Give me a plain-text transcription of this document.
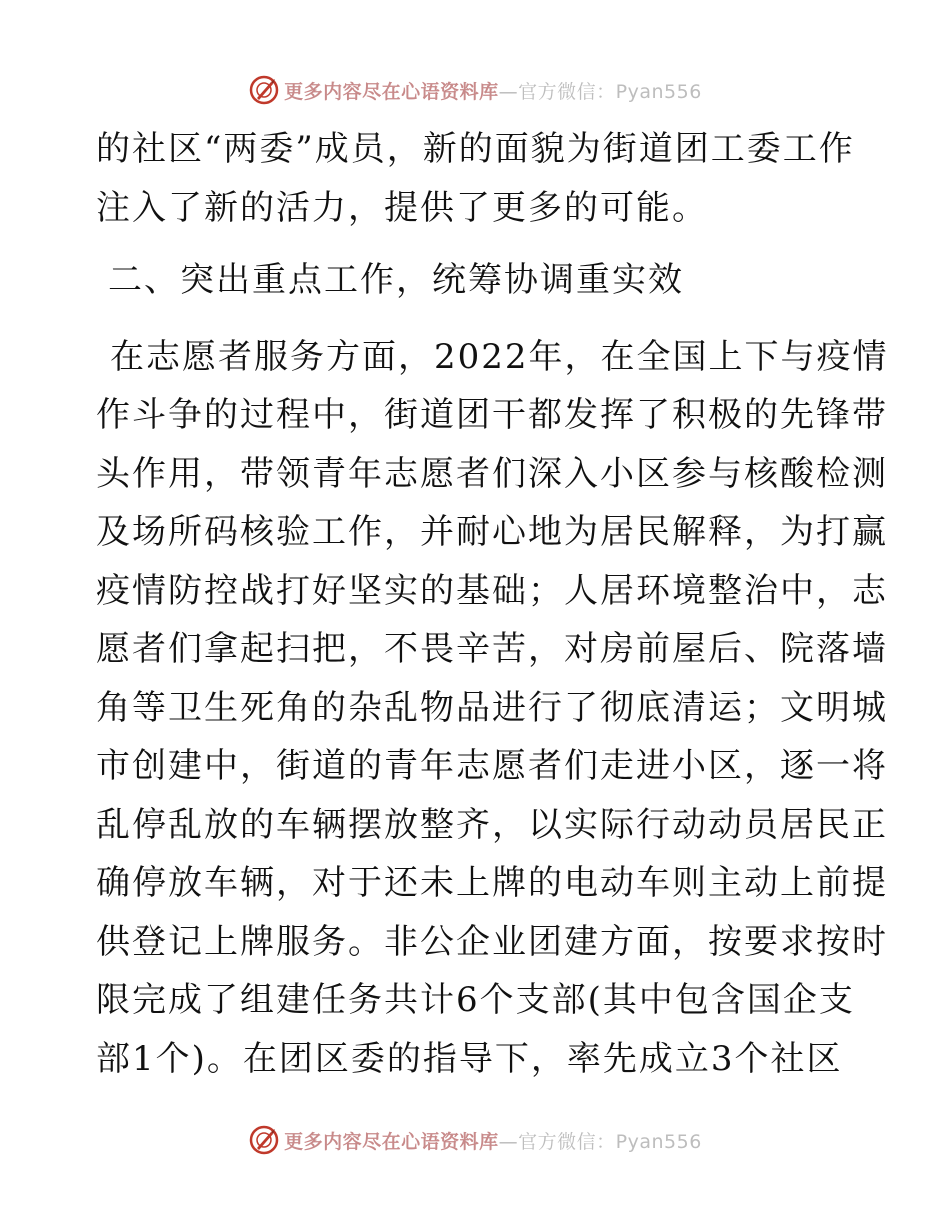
更多内容尽在心语资料库—官方微信：Pyan556
的社区“两委”成员，新的面貌为街道团工委工作
注入了新的活力，提供了更多的可能。
二、突出重点工作，统筹协调重实效
在志愿者服务方面，2022年，在全国上下与疫情
作斗争的过程中，街道团干都发挥了积极的先锋带
头作用，带领青年志愿者们深入小区参与核酸检测
及场所码核验工作，并耐心地为居民解释，为打赢
疫情防控战打好坚实的基础；人居环境整治中，志
愿者们拿起扫把，不畏辛苦，对房前屋后、院落墙
角等卫生死角的杂乱物品进行了彻底清运；文明城
市创建中，街道的青年志愿者们走进小区，逐一将
乱停乱放的车辆摆放整齐，以实际行动动员居民正
确停放车辆，对于还未上牌的电动车则主动上前提
供登记上牌服务。非公企业团建方面，按要求按时
限完成了组建任务共计6个支部(其中包含国企支
部1个)。在团区委的指导下，率先成立3个社区
更多内容尽在心语资料库—官方微信：Pyan556
